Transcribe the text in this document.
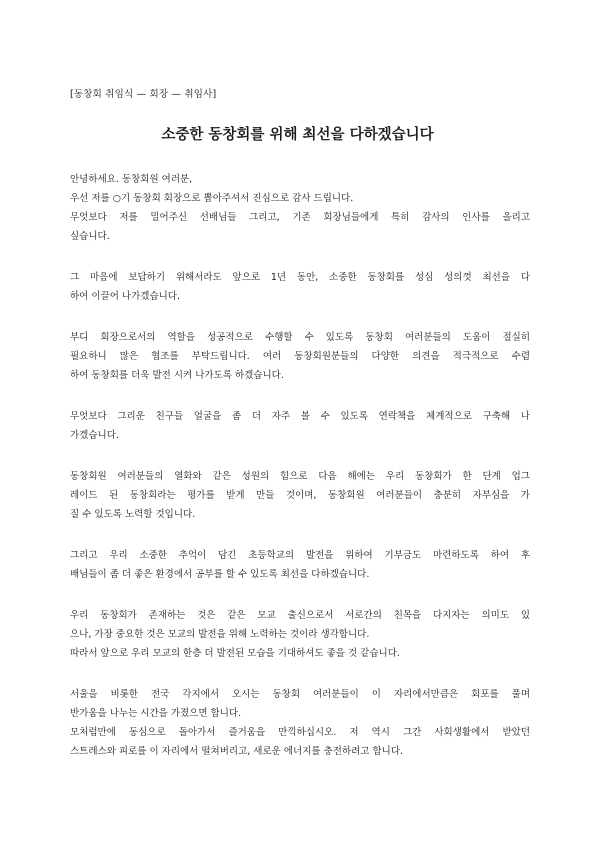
[동창회 취임식 — 회장 — 취임사]
소중한 동창회를 위해 최선을 다하겠습니다
안녕하세요. 동창회원 여러분,
우선 저를 ○기 동창회 회장으로 뽑아주셔서 진심으로 감사 드립니다.
무엇보다 저를 밀어주신 선배님들 그리고, 기존 회장님들에게 특히 감사의 인사를 올리고
싶습니다.
그 마음에 보답하기 위해서라도 앞으로 1년 동안, 소중한 동창회를 성심 성의껏 최선을 다
하여 이끌어 나가겠습니다.
부디 회장으로서의 역할을 성공적으로 수행할 수 있도록 동창회 여러분들의 도움이 절실히
필요하니 많은 협조를 부탁드립니다. 여러 동창회원분들의 다양한 의견을 적극적으로 수렴
하여 동창회를 더욱 발전 시켜 나가도록 하겠습니다.
무엇보다 그리운 친구들 얼굴을 좀 더 자주 볼 수 있도록 연락책을 체계적으로 구축해 나
가겠습니다.
동창회원 여러분들의 열화와 같은 성원의 힘으로 다음 해에는 우리 동창회가 한 단계 업그
레이드 된 동창회라는 평가를 받게 만들 것이며, 동창회원 여러분들이 충분히 자부심을 가
질 수 있도록 노력할 것입니다.
그리고 우리 소중한 추억이 담긴 초등학교의 발전을 위하여 기부금도 마련하도록 하여 후
배님들이 좀 더 좋은 환경에서 공부를 할 수 있도록 최선을 다하겠습니다.
우리 동창회가 존재하는 것은 같은 모교 출신으로서 서로간의 친목을 다지자는 의미도 있
으나, 가장 중요한 것은 모교의 발전을 위해 노력하는 것이라 생각합니다.
따라서 앞으로 우리 모교의 한층 더 발전된 모습을 기대하셔도 좋을 것 같습니다.
서울을 비롯한 전국 각지에서 오시는 동창회 여러분들이 이 자리에서만큼은 회포를 풀며
반가움을 나누는 시간을 가졌으면 합니다.
모처럼만에 동심으로 돌아가서 즐거움을 만끽하십시오. 저 역시 그간 사회생활에서 받았던
스트레스와 피로를 이 자리에서 떨쳐버리고, 새로운 에너지를 충전하려고 합니다.
